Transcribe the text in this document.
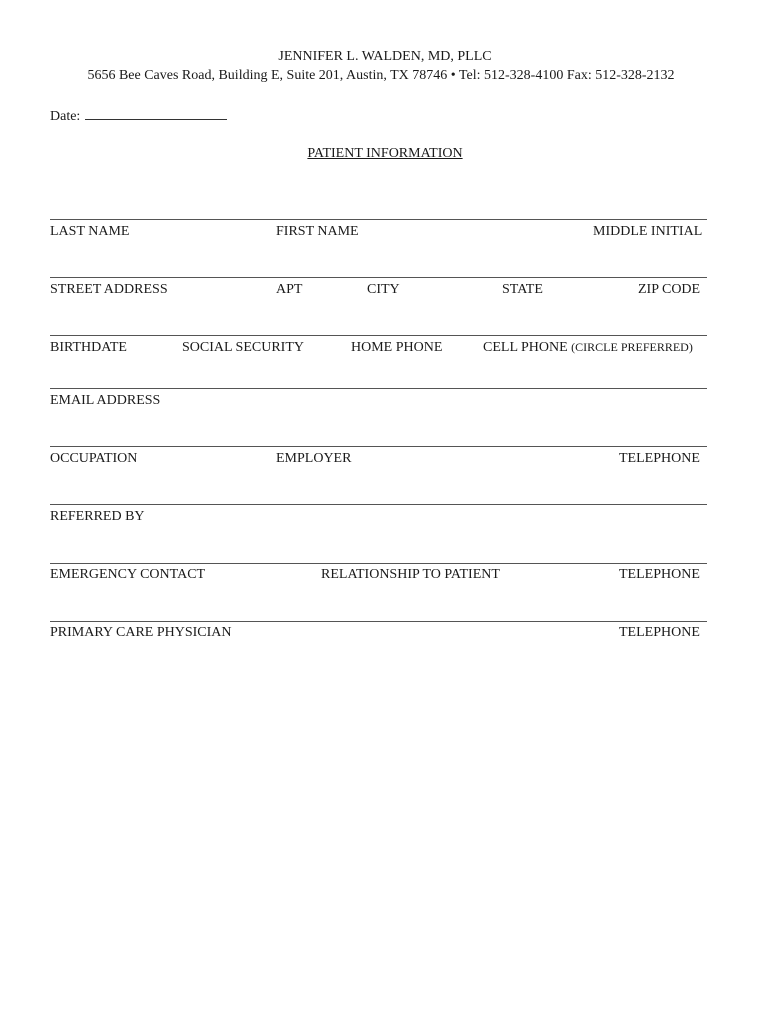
JENNIFER L. WALDEN, MD, PLLC
5656 Bee Caves Road, Building E, Suite 201, Austin, TX 78746 • Tel: 512-328-4100 Fax: 512-328-2132
Date:
PATIENT INFORMATION
LAST NAME	FIRST NAME	MIDDLE INITIAL
STREET ADDRESS	APT	CITY	STATE	ZIP CODE
BIRTHDATE	SOCIAL SECURITY	HOME PHONE	CELL PHONE (CIRCLE PREFERRED)
EMAIL ADDRESS
OCCUPATION	EMPLOYER	TELEPHONE
REFERRED BY
EMERGENCY CONTACT	RELATIONSHIP TO PATIENT	TELEPHONE
PRIMARY CARE PHYSICIAN	TELEPHONE
